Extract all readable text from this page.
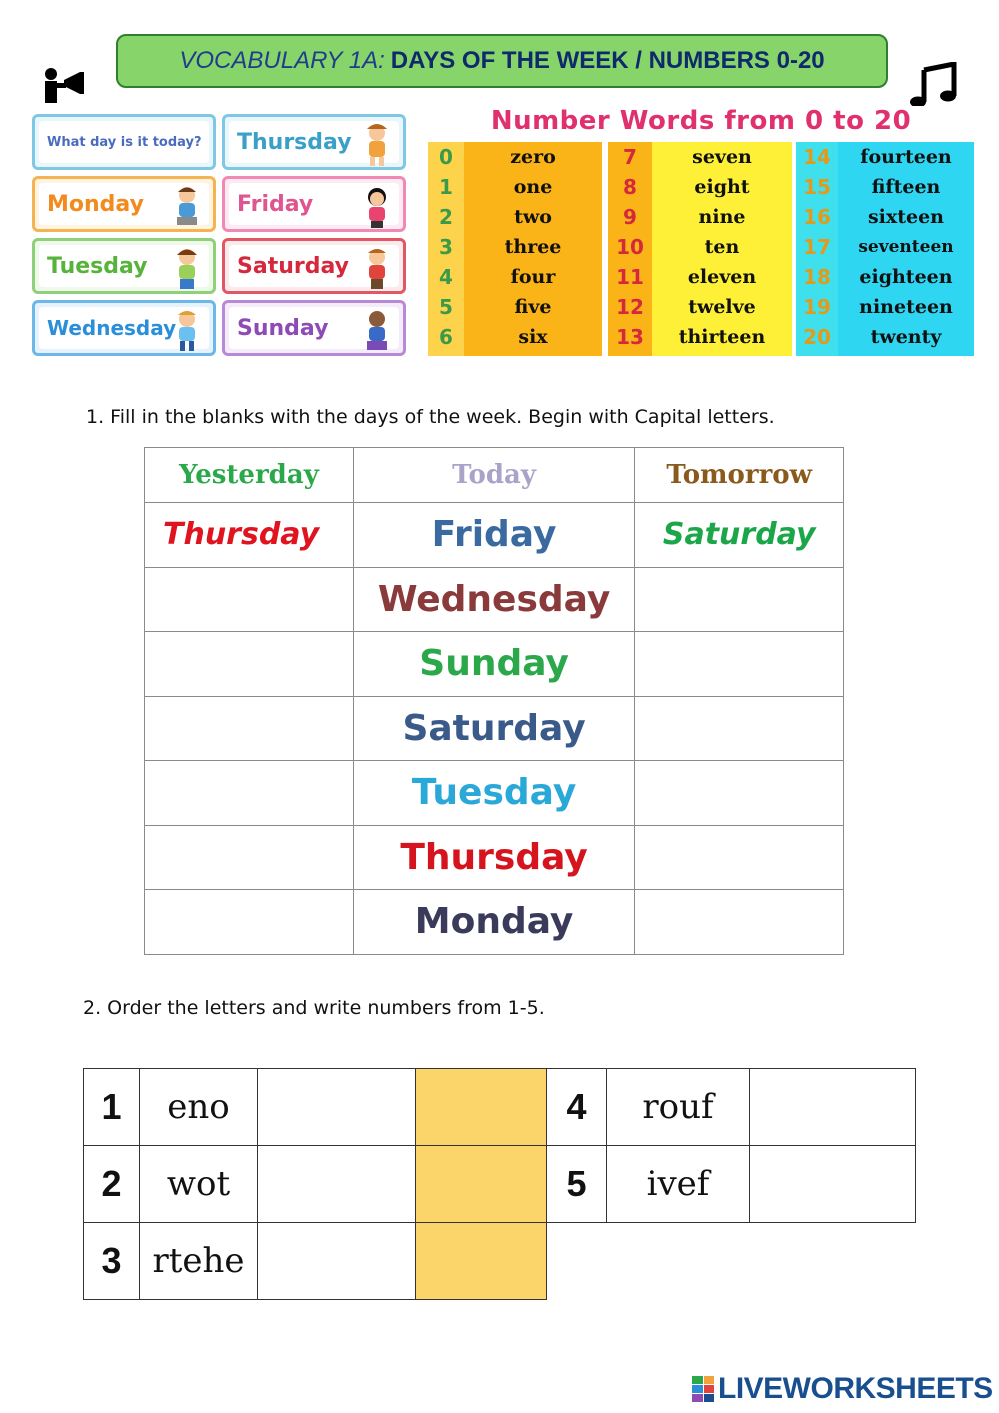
VOCABULARY 1A: DAYS OF THE WEEK / NUMBERS 0-20
What day is it today? Thursday
Monday	Friday
Tuesday	Saturday
Wednesday	Sunday
Number Words from 0 to 20
0	zero
1	one
2	two
3	three
4	four
5	five
6	six
7	seven
8	eight
9	nine
10	ten
11	eleven
12	twelve
13	thirteen
14	fourteen
15	fifteen
16	sixteen
17	seventeen
18	eighteen
19	nineteen
20	twenty
1. Fill in the blanks with the days of the week. Begin with Capital letters.
Yesterday	Today	Tomorrow
Thursday	Friday	Saturday
	Wednesday	
	Sunday	
	Saturday	
	Tuesday	
	Thursday	
	Monday	
2. Order the letters and write numbers from 1-5.
1	eno			4	rouf	
2	wot			5	ivef	
3	rtehe					
LIVEWORKSHEETS
